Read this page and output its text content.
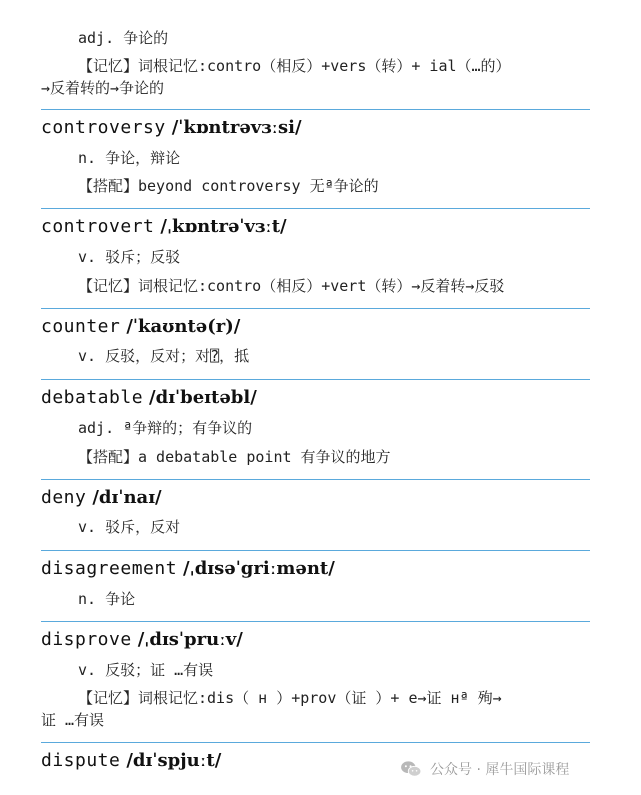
adj. 争论的
【记忆】词根记忆:contro（相反）+vers（转）+ ial（…的）
→反着转的→争论的
controversy /ˈkɒntrəvɜːsi/
n. 争论，辩论
【搭配】beyond controversy 无ª争论的
controvert /ˌkɒntrəˈvɜːt/
v. 驳斥；反驳
【记忆】词根记忆:contro（相反）+vert（转）→反着转→反驳
counter /ˈkaʊntə(r)/
v. 反驳，反对；对⍰，抵
debatable /dɪˈbeɪtəbl/
adj. ª争辩的；有争议的
【搭配】a debatable point 有争议的地方
deny /dɪˈnaɪ/
v. 驳斥，反对
disagreement /ˌdɪsəˈgriːmənt/
n. 争论
disprove /ˌdɪsˈpruːv/
v. 反驳；证 …有误
【记忆】词根记忆:dis（ н ）+prov（证 ）+ e→证 нª 殉→
证 …有误
dispute /dɪˈspjuːt/	公众号 · 犀牛国际课程
